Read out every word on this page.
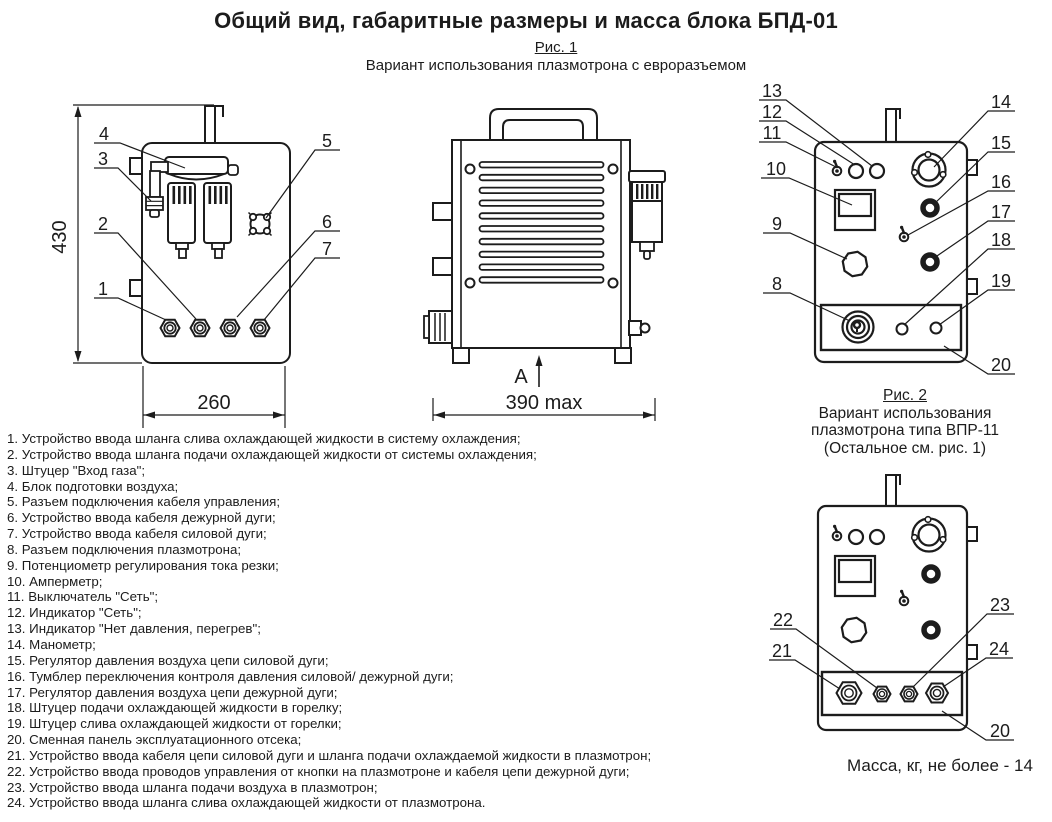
Общий вид, габаритные размеры и масса блока БПД-01
Рис. 1
Вариант использования плазмотрона с евроразъемом
А
430
260	390 max
4
3
2
1
5
6
7
13
12
11
10
9
8
14
15
16
17
18
19
20
22
21
23
24
20
1. Устройство ввода шланга слива охлаждающей жидкости в систему охлаждения;
2. Устройство ввода шланга подачи охлаждающей жидкости от системы охлаждения;
3. Штуцер "Вход газа";
4. Блок подготовки воздуха;
5. Разъем подключения кабеля управления;
6. Устройство ввода кабеля дежурной дуги;
7. Устройство ввода кабеля силовой дуги;
8. Разъем подключения плазмотрона;
9. Потенциометр регулирования тока резки;
10. Амперметр;
11. Выключатель "Сеть";
12. Индикатор "Сеть";
13. Индикатор "Нет давления, перегрев";
14. Манометр;
15. Регулятор давления воздуха цепи силовой дуги;
16. Тумблер переключения контроля давления силовой/ дежурной дуги;
17. Регулятор давления воздуха цепи дежурной дуги;
18. Штуцер подачи охлаждающей жидкости в горелку;
19. Штуцер слива охлаждающей жидкости от горелки;
20. Сменная панель эксплуатационного отсека;
21. Устройство ввода кабеля цепи силовой дуги и шланга подачи охлаждаемой жидкости в плазмотрон;
22. Устройство ввода проводов управления от кнопки на плазмотроне и кабеля цепи дежурной дуги;
23. Устройство ввода шланга подачи воздуха в плазмотрон;
24. Устройство ввода шланга слива охлаждающей жидкости от плазмотрона.
Рис. 2
Вариант использования
плазмотрона типа ВПР-11
(Остальное см. рис. 1)
Масса, кг, не более - 14
